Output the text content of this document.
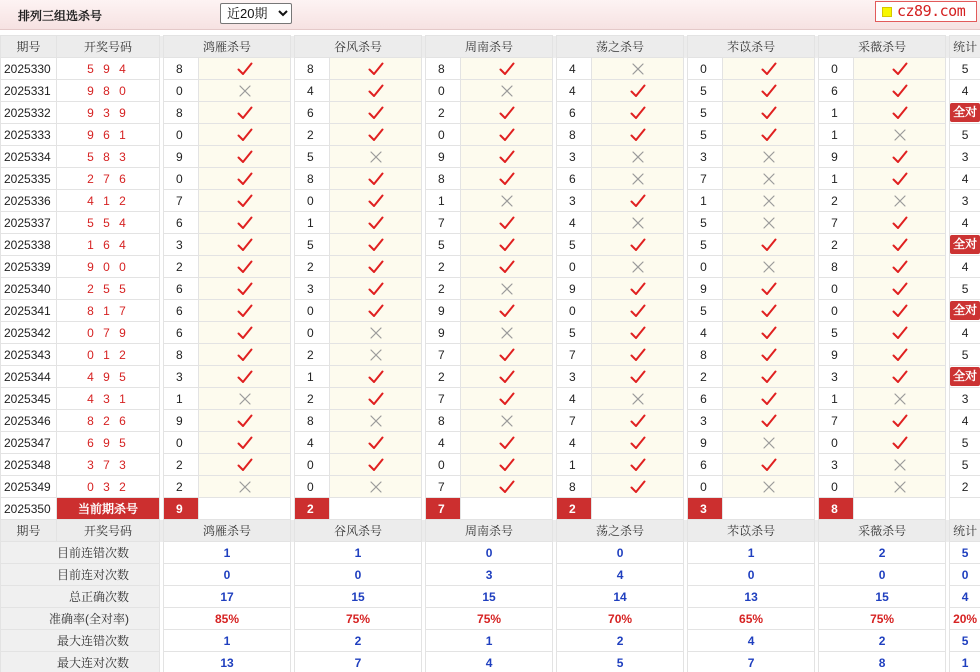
排列三组选杀号
近20期	cz89.com
期号	开奖号码		鸿雁杀号			谷风杀号			周南杀号			荡之杀号			芣苡杀号			采薇杀号			统计
2025330	5 9 4		8			8			8			4			0			0			5
2025331	9 8 0		0			4			0			4			5			6			4
2025332	9 3 9		8			6			2			6			5			1			全对
2025333	9 6 1		0			2			0			8			5			1			5
2025334	5 8 3		9			5			9			3			3			9			3
2025335	2 7 6		0			8			8			6			7			1			4
2025336	4 1 2		7			0			1			3			1			2			3
2025337	5 5 4		6			1			7			4			5			7			4
2025338	1 6 4		3			5			5			5			5			2			全对
2025339	9 0 0		2			2			2			0			0			8			4
2025340	2 5 5		6			3			2			9			9			0			5
2025341	8 1 7		6			0			9			0			5			0			全对
2025342	0 7 9		6			0			9			5			4			5			4
2025343	0 1 2		8			2			7			7			8			9			5
2025344	4 9 5		3			1			2			3			2			3			全对
2025345	4 3 1		1			2			7			4			6			1			3
2025346	8 2 6		9			8			8			7			3			7			4
2025347	6 9 5		0			4			4			4			9			0			5
2025348	3 7 3		2			0			0			1			6			3			5
2025349	0 3 2		2			0			7			8			0			0			2
2025350	当前期杀号		9			2			7			2			3			8			
期号	开奖号码		鸿雁杀号			谷风杀号			周南杀号			荡之杀号			芣苡杀号			采薇杀号			统计
目前连错次数			1			1			0			0			1			2			5
目前连对次数			0			0			3			4			0			0			0
总正确次数			17			15			15			14			13			15			4
准确率(全对率)			85%			75%			75%			70%			65%			75%			20%
最大连错次数			1			2			1			2			4			2			5
最大连对次数			13			7			4			5			7			8			1
